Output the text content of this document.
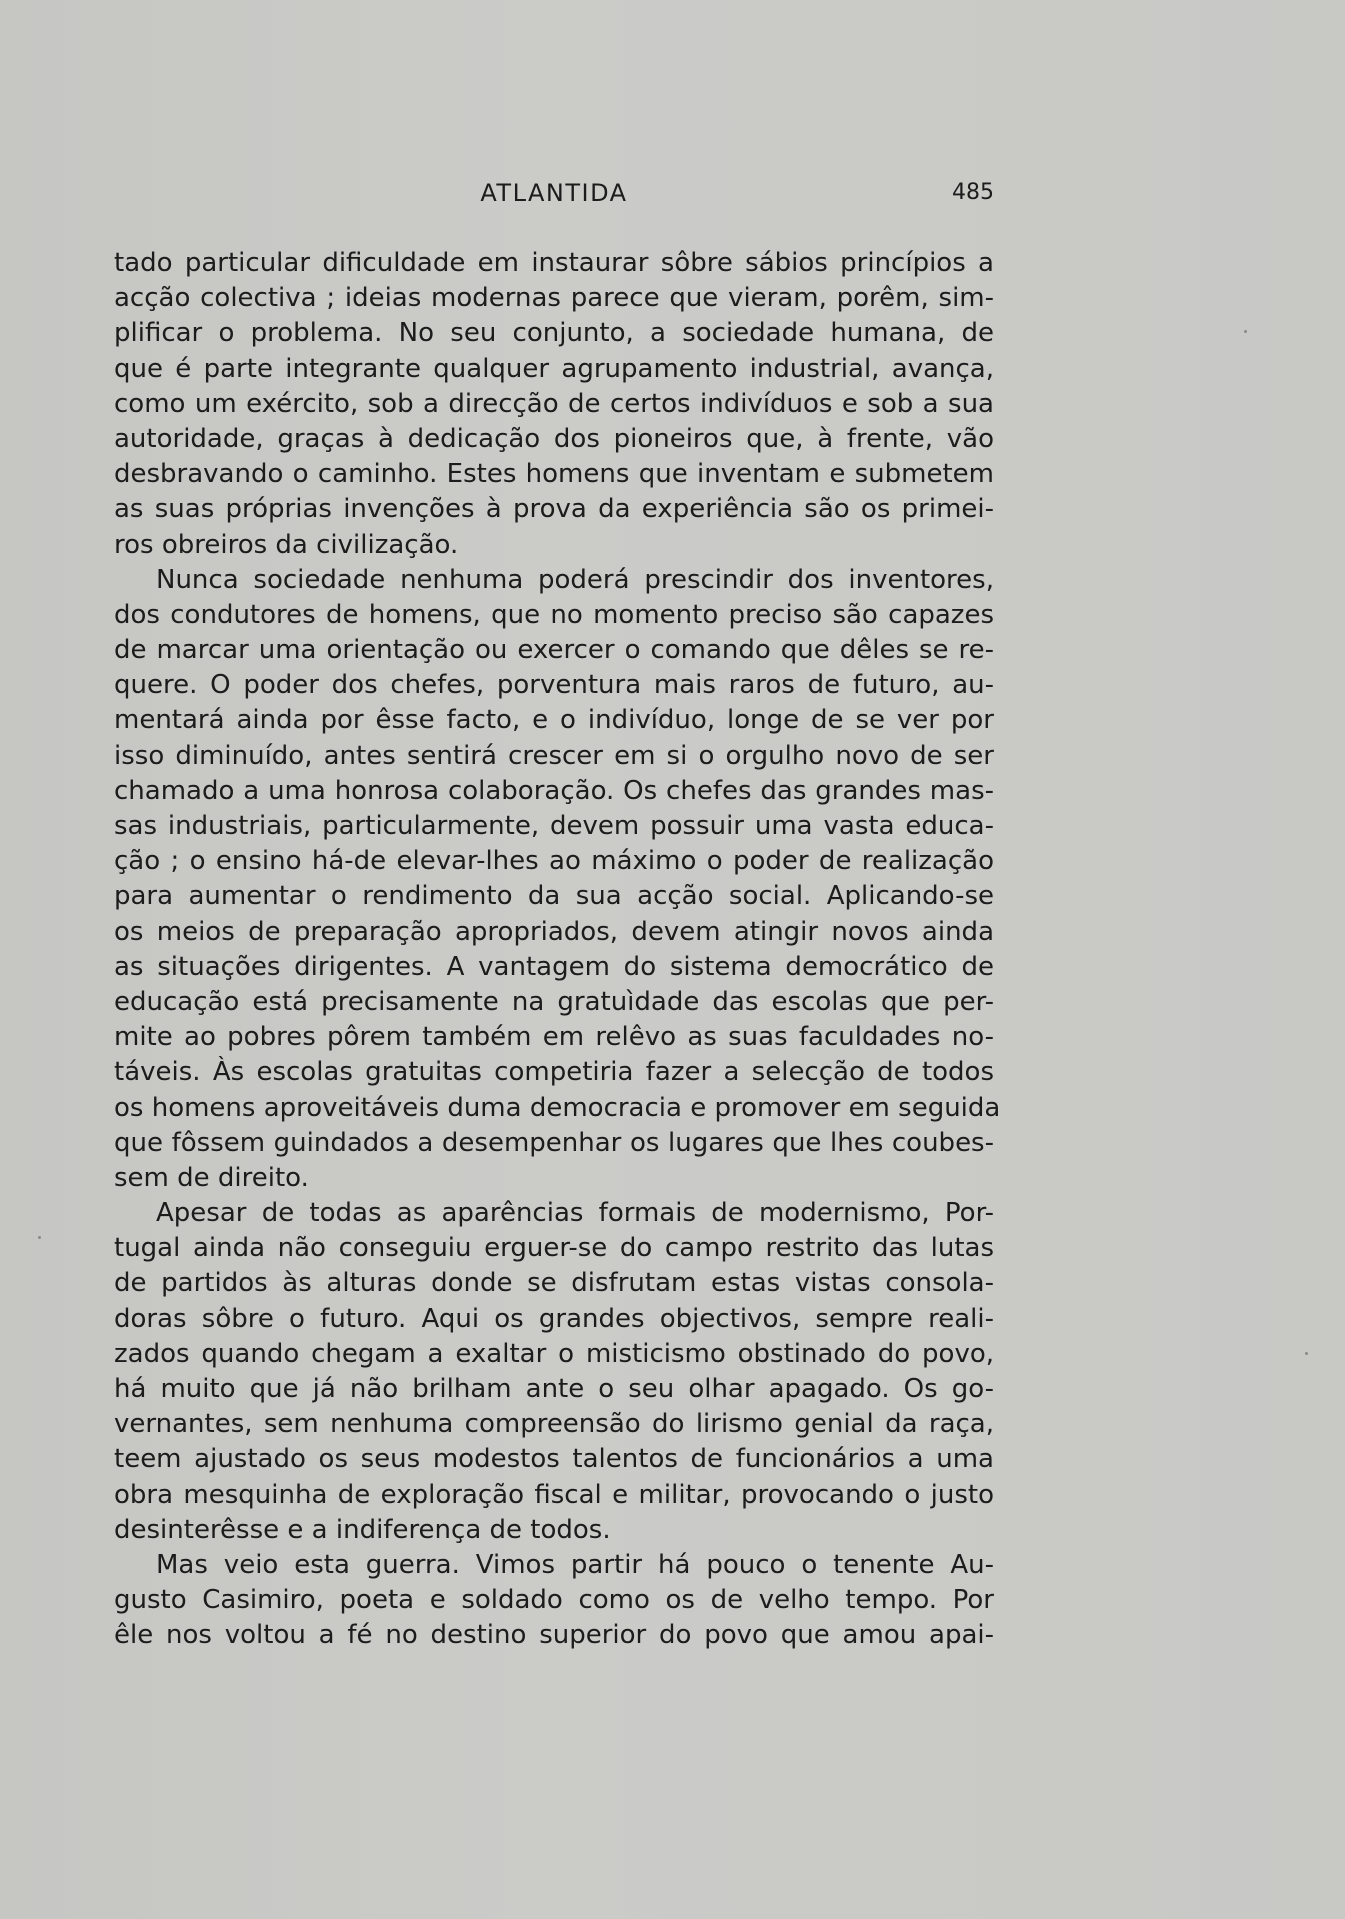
ATLANTIDA	485
tado particular dificuldade em instaurar sôbre sábios princípios a
acção colectiva ; ideias modernas parece que vieram, porêm, sim-
plificar o problema. No seu conjunto, a sociedade humana, de
que é parte integrante qualquer agrupamento industrial, avança,
como um exército, sob a direcção de certos indivíduos e sob a sua
autoridade, graças à dedicação dos pioneiros que, à frente, vão
desbravando o caminho. Estes homens que inventam e submetem
as suas próprias invenções à prova da experiência são os primei-
ros obreiros da civilização.
Nunca sociedade nenhuma poderá prescindir dos inventores,
dos condutores de homens, que no momento preciso são capazes
de marcar uma orientação ou exercer o comando que dêles se re-
quere. O poder dos chefes, porventura mais raros de futuro, au-
mentará ainda por êsse facto, e o indivíduo, longe de se ver por
isso diminuído, antes sentirá crescer em si o orgulho novo de ser
chamado a uma honrosa colaboração. Os chefes das grandes mas-
sas industriais, particularmente, devem possuir uma vasta educa-
ção ; o ensino há-de elevar-lhes ao máximo o poder de realização
para aumentar o rendimento da sua acção social. Aplicando-se
os meios de preparação apropriados, devem atingir novos ainda
as situações dirigentes. A vantagem do sistema democrático de
educação está precisamente na gratuìdade das escolas que per-
mite ao pobres pôrem também em relêvo as suas faculdades no-
táveis. Às escolas gratuitas competiria fazer a selecção de todos
os homens aproveitáveis duma democracia e promover em seguida
que fôssem guindados a desempenhar os lugares que lhes coubes-
sem de direito.
Apesar de todas as aparências formais de modernismo, Por-
tugal ainda não conseguiu erguer-se do campo restrito das lutas
de partidos às alturas donde se disfrutam estas vistas consola-
doras sôbre o futuro. Aqui os grandes objectivos, sempre reali-
zados quando chegam a exaltar o misticismo obstinado do povo,
há muito que já não brilham ante o seu olhar apagado. Os go-
vernantes, sem nenhuma compreensão do lirismo genial da raça,
teem ajustado os seus modestos talentos de funcionários a uma
obra mesquinha de exploração fiscal e militar, provocando o justo
desinterêsse e a indiferença de todos.
Mas veio esta guerra. Vimos partir há pouco o tenente Au-
gusto Casimiro, poeta e soldado como os de velho tempo. Por
êle nos voltou a fé no destino superior do povo que amou apai-
